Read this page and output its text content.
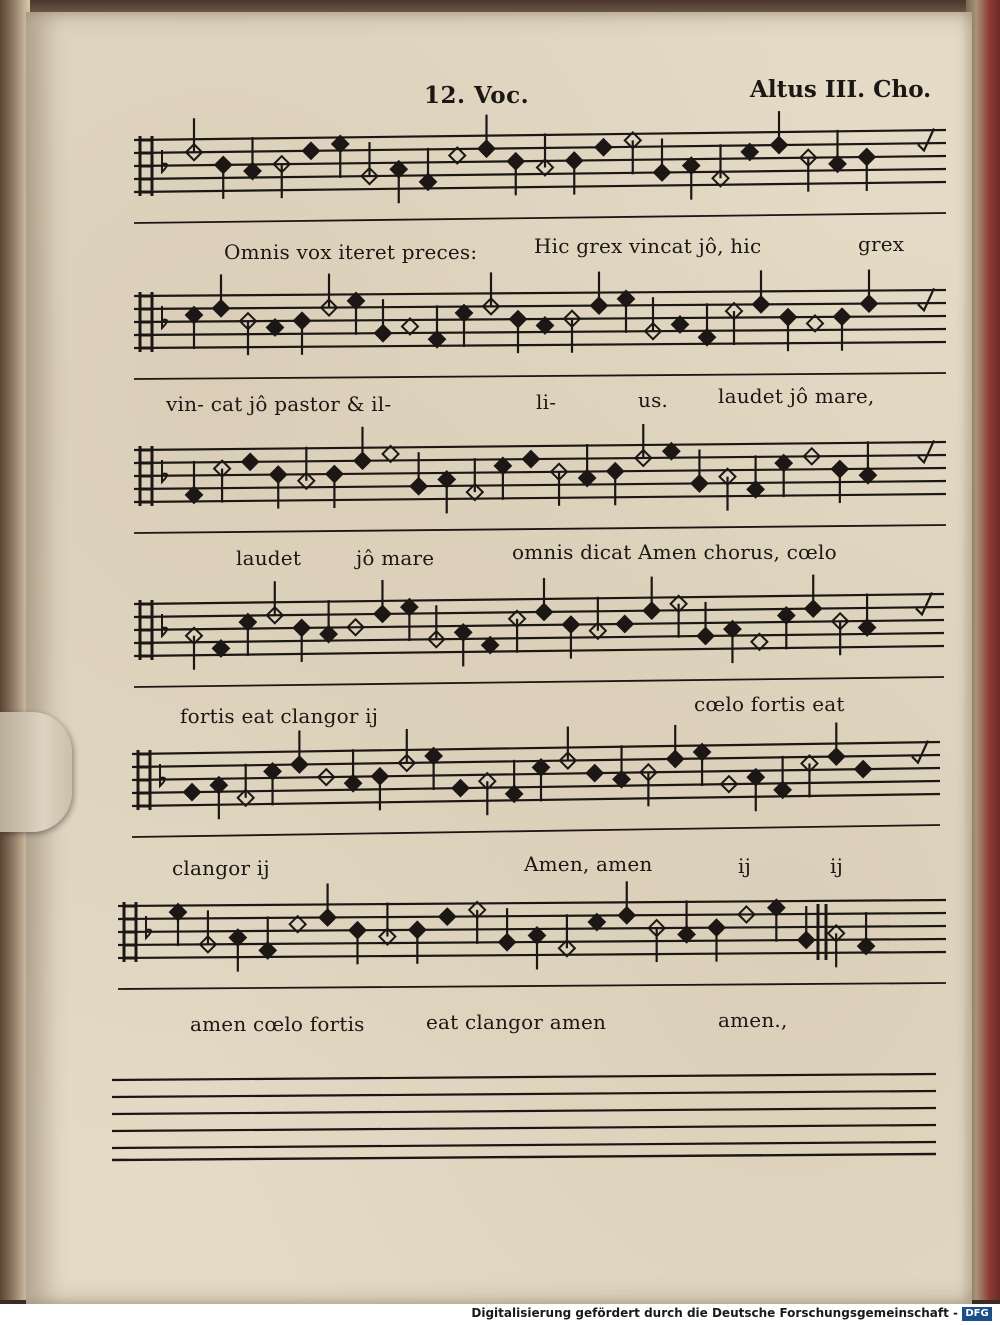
12. Voc.	Altus III. Cho.
Omnis vox iteret preces:	Hic grex vincat jô, hic	grex
vin- cat jô pastor & il-	li-	us. laudet jô mare,
laudet	jô mare	omnis dicat Amen chorus, cœlo
fortis eat clangor ij	cœlo fortis eat
clangor ij	Amen, amen	ij	ij
amen cœlo fortis	eat clangor amen	amen.,
Digitalisierung gefördert durch die Deutsche Forschungsgemeinschaft - DFG
